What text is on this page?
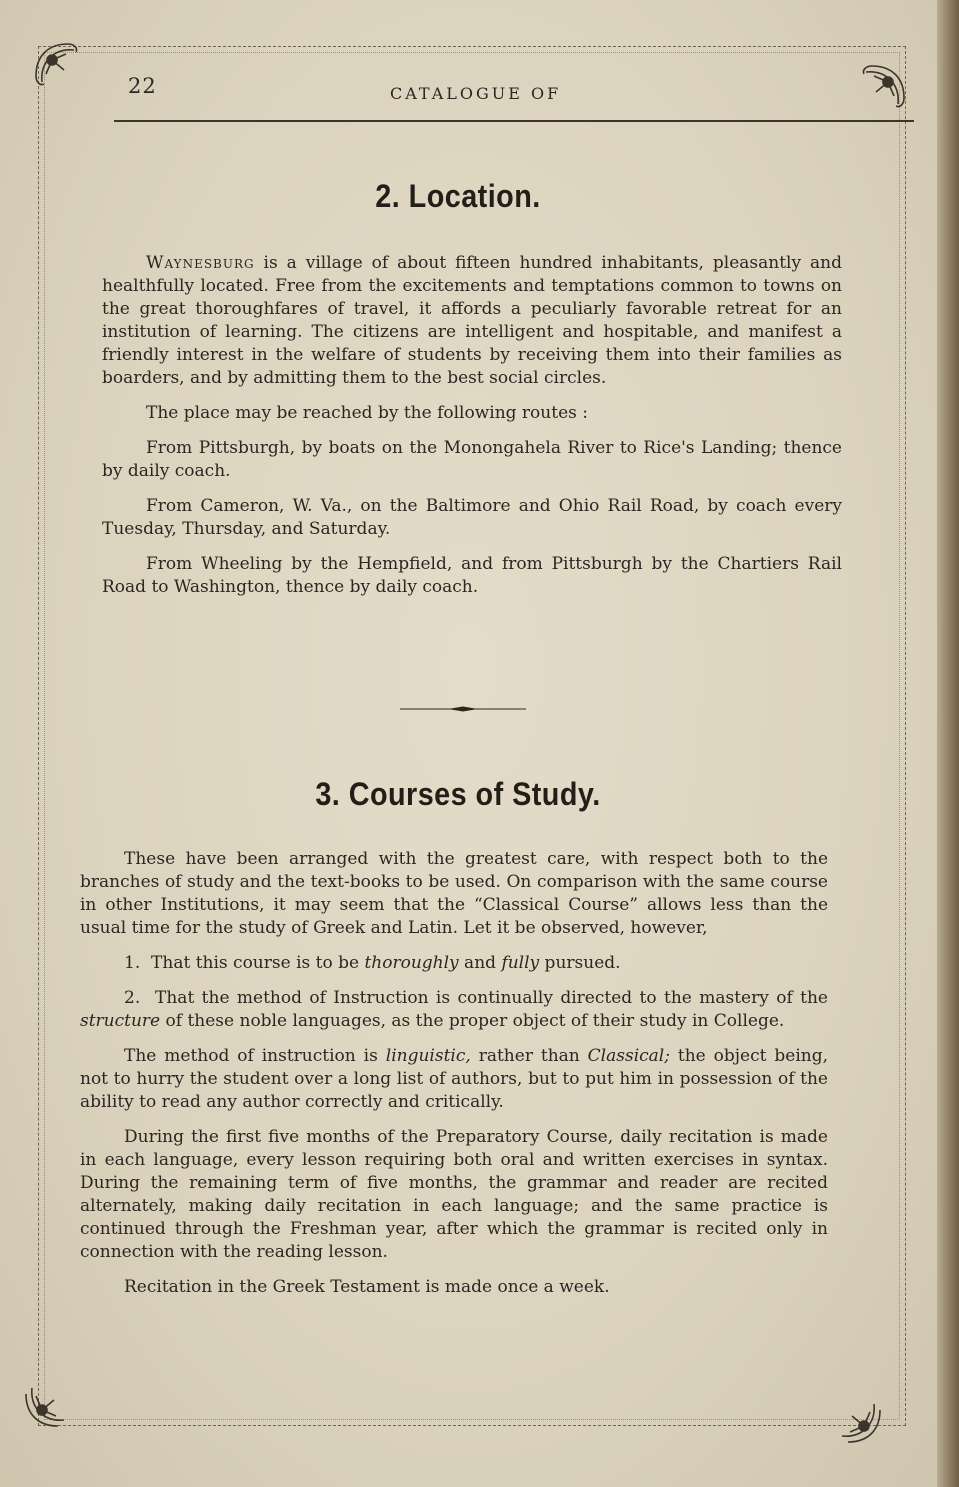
22	CATALOGUE OF
2. Location.

Waynesburg is a village of about fifteen hundred inhabitants, pleasantly and healthfully located. Free from the excitements and temptations common to towns on the great thoroughfares of travel, it affords a peculiarly favorable retreat for an institution of learning. The citizens are intelligent and hospitable, and manifest a friendly interest in the welfare of students by receiving them into their families as boarders, and by admitting them to the best social circles.

The place may be reached by the following routes :

From Pittsburgh, by boats on the Monongahela River to Rice's Landing; thence by daily coach.

From Cameron, W. Va., on the Baltimore and Ohio Rail Road, by coach every Tuesday, Thursday, and Saturday.

From Wheeling by the Hempfield, and from Pittsburgh by the Chartiers Rail Road to Washington, thence by daily coach.

3. Courses of Study.

These have been arranged with the greatest care, with respect both to the branches of study and the text-books to be used. On comparison with the same course in other Institutions, it may seem that the “Classical Course” allows less than the usual time for the study of Greek and Latin. Let it be observed, however,

1. That this course is to be thoroughly and fully pursued.

2. That the method of Instruction is continually directed to the mastery of the structure of these noble languages, as the proper object of their study in College.

The method of instruction is linguistic, rather than Classical; the object being, not to hurry the student over a long list of authors, but to put him in possession of the ability to read any author correctly and critically.

During the first five months of the Preparatory Course, daily recitation is made in each language, every lesson requiring both oral and written exercises in syntax. During the remaining term of five months, the grammar and reader are recited alternately, making daily recitation in each language; and the same practice is continued through the Freshman year, after which the grammar is recited only in connection with the reading lesson.

Recitation in the Greek Testament is made once a week.
